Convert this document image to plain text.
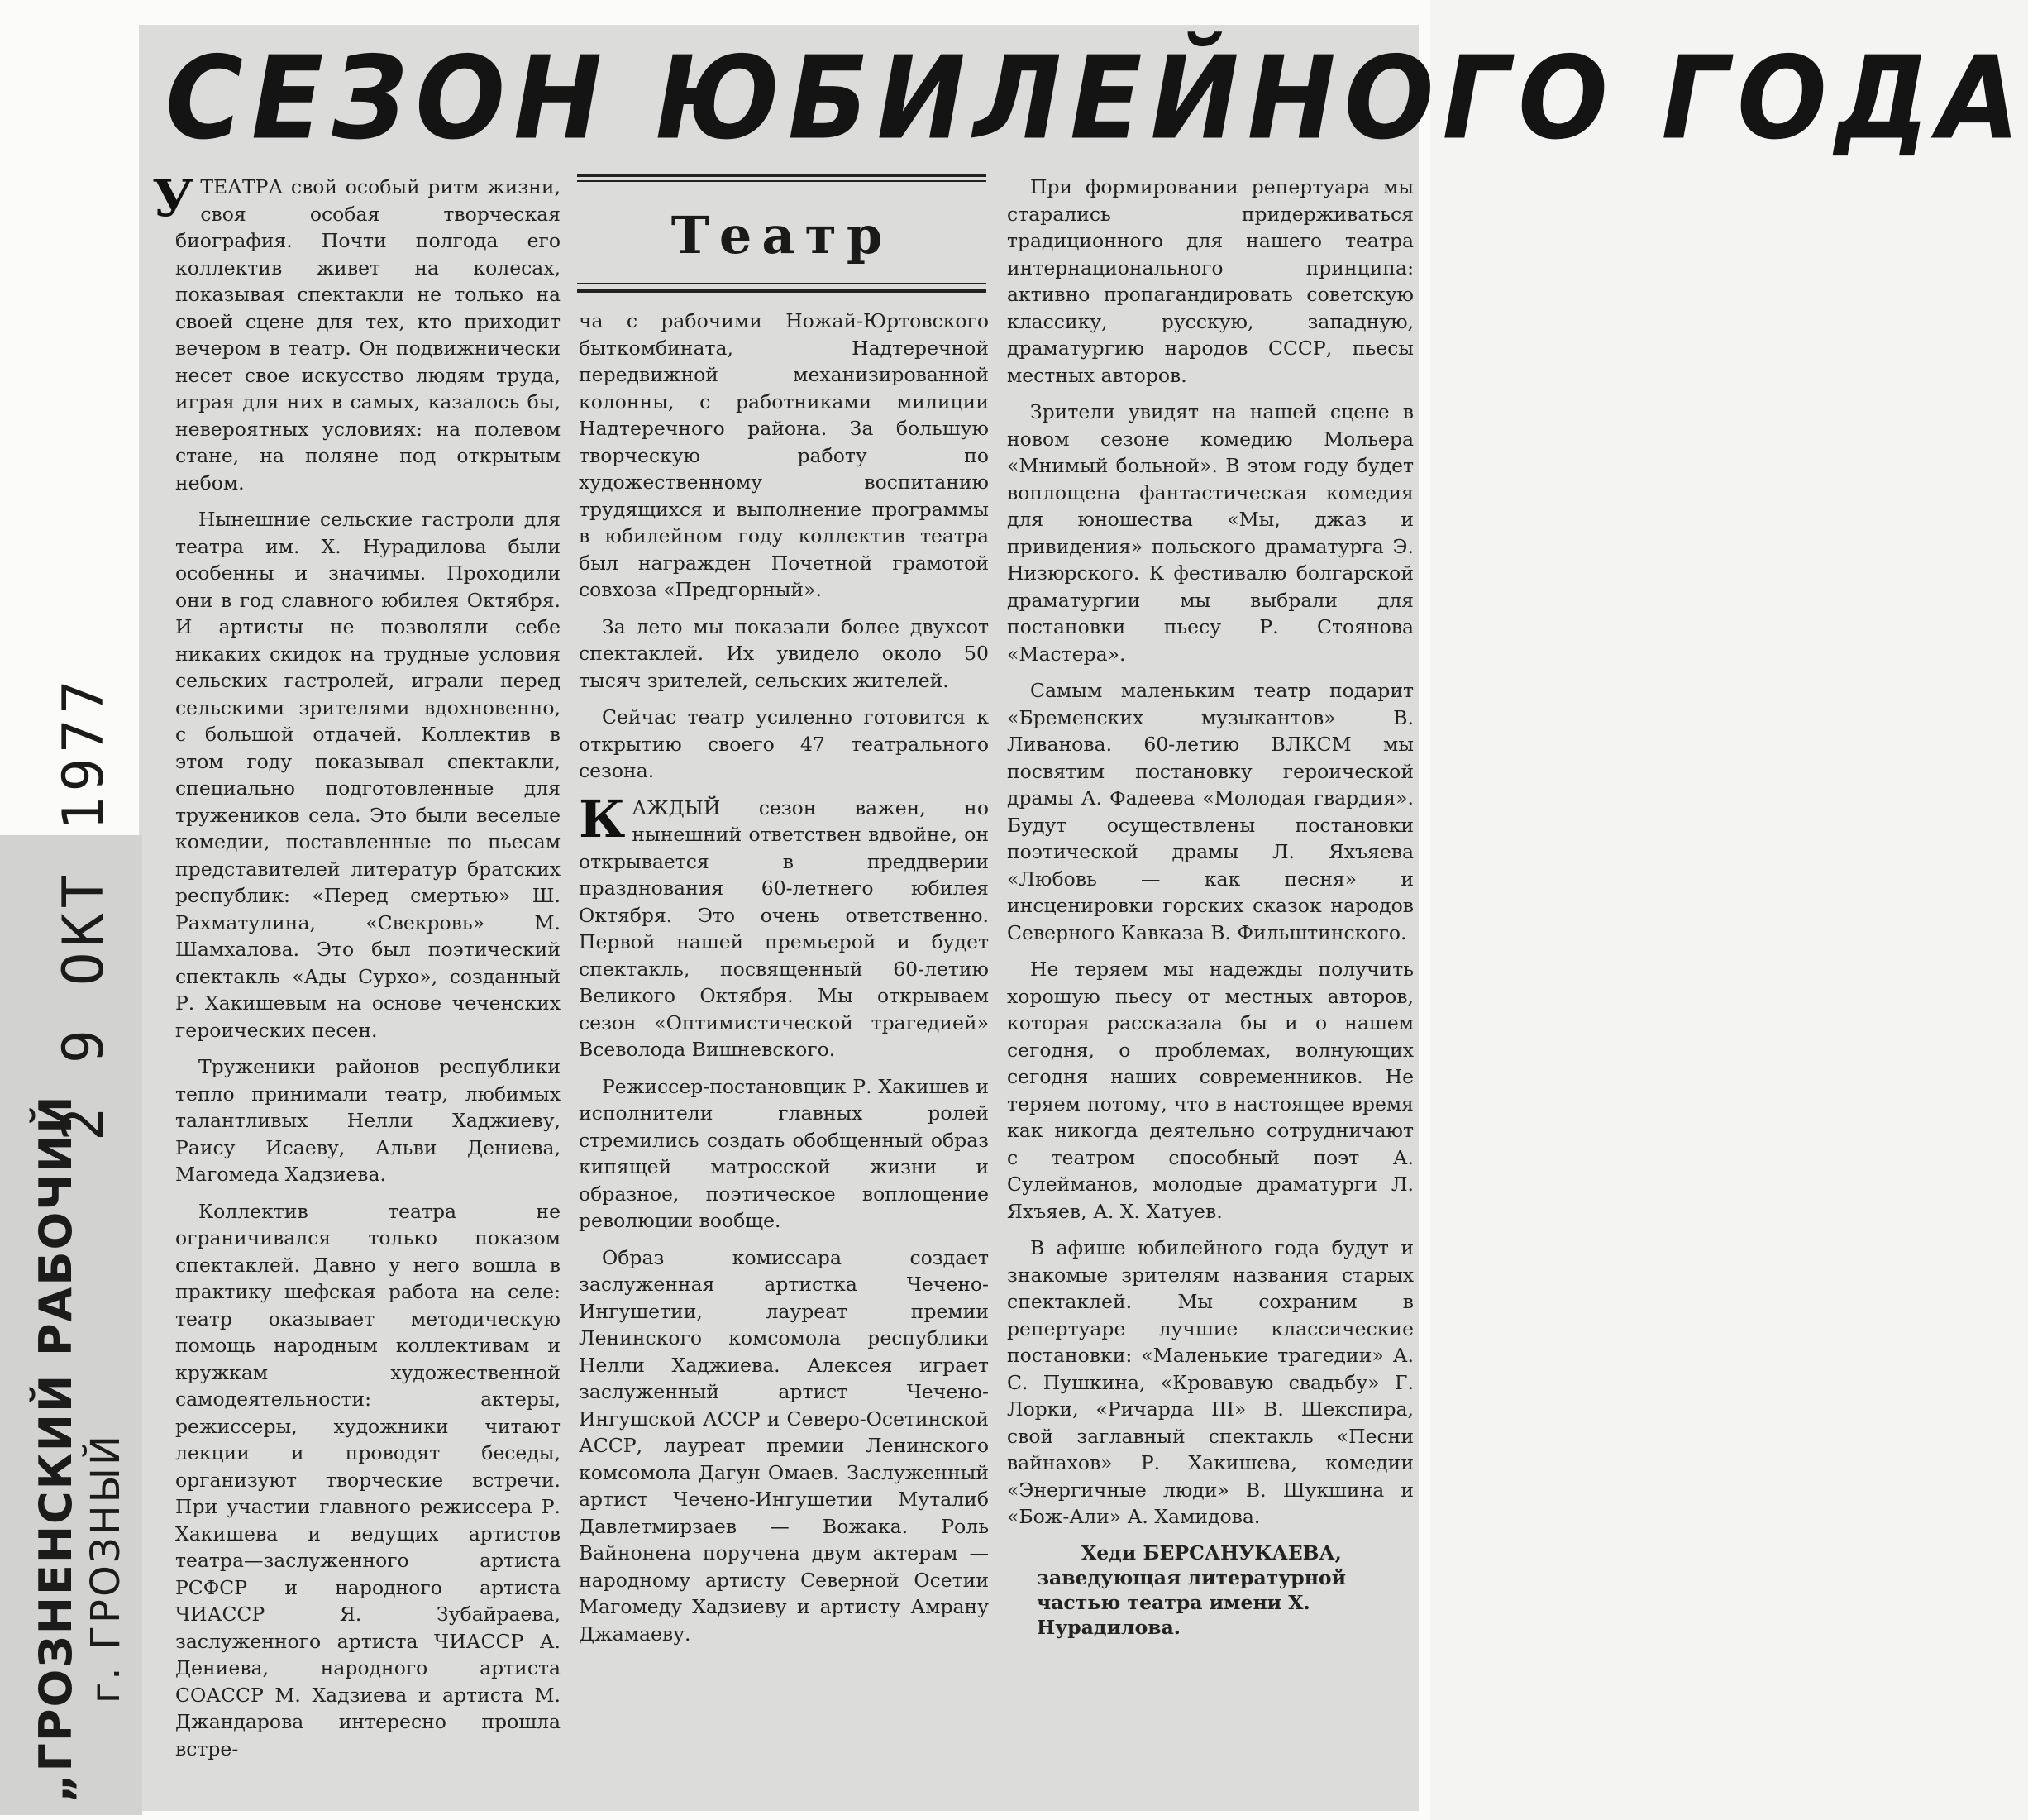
СЕЗОН ЮБИЛЕЙНОГО ГОДА

УТЕАТРА свой особый ритм жизни, своя особая творческая биография. Почти полгода его коллектив живет на колесах, показывая спектакли не только на своей сцене для тех, кто приходит вечером в театр. Он подвижнически несет свое искусство людям труда, играя для них в самых, казалось бы, невероятных условиях: на полевом стане, на поляне под открытым небом.

Нынешние сельские гастроли для театра им. Х. Нурадилова были особенны и значимы. Проходили они в год славного юбилея Октября. И артисты не позволяли себе никаких скидок на трудные условия сельских гастролей, играли перед сельскими зрителями вдохновенно, с большой отдачей. Коллектив в этом году показывал спектакли, специально подготовленные для тружеников села. Это были веселые комедии, поставленные по пьесам представителей литератур братских республик: «Перед смертью» Ш. Рахматулина, «Свекровь» М. Шамхалова. Это был поэтический спектакль «Ады Сурхо», созданный Р. Хакишевым на основе чеченских героических песен.

Труженики районов республики тепло принимали театр, любимых талантливых Нелли Хаджиеву, Раису Исаеву, Альви Дениева, Магомеда Хадзиева.

Коллектив театра не ограничивался только показом спектаклей. Давно у него вошла в практику шефская работа на селе: театр оказывает методическую помощь народным коллективам и кружкам художественной самодеятельности: актеры, режиссеры, художники читают лекции и проводят беседы, организуют творческие встречи. При участии главного режиссера Р. Хакишева и ведущих артистов театра—заслуженного артиста РСФСР и народного артиста ЧИАССР Я. Зубайраева, заслуженного артиста ЧИАССР А. Дениева, народного артиста СОАССР М. Хадзиева и артиста М. Джандарова интересно прошла встре-

Театр

ча с рабочими Ножай-Юртовского быткомбината, Надтеречной передвижной механизированной колонны, с работниками милиции Надтеречного района. За большую творческую работу по художественному воспитанию трудящихся и выполнение программы в юбилейном году коллектив театра был награжден Почетной грамотой совхоза «Предгорный».

За лето мы показали более двухсот спектаклей. Их увидело около 50 тысяч зрителей, сельских жителей.

Сейчас театр усиленно готовится к открытию своего 47 театрального сезона.

КАЖДЫЙ сезон важен, но нынешний ответствен вдвойне, он открывается в преддверии празднования 60-летнего юбилея Октября. Это очень ответственно. Первой нашей премьерой и будет спектакль, посвященный 60-летию Великого Октября. Мы открываем сезон «Оптимистической трагедией» Всеволода Вишневского.

Режиссер-постановщик Р. Хакишев и исполнители главных ролей стремились создать обобщенный образ кипящей матросской жизни и образное, поэтическое воплощение революции вообще.

Образ комиссара создает заслуженная артистка Чечено-Ингушетии, лауреат премии Ленинского комсомола республики Нелли Хаджиева. Алексея играет заслуженный артист Чечено-Ингушской АССР и Северо-Осетинской АССР, лауреат премии Ленинского комсомола Дагун Омаев. Заслуженный артист Чечено-Ингушетии Муталиб Давлетмирзаев — Вожака. Роль Вайнонена поручена двум актерам — народному артисту Северной Осетии Магомеду Хадзиеву и артисту Амрану Джамаеву.

При формировании репертуара мы старались придерживаться традиционного для нашего театра интернационального принципа: активно пропагандировать советскую классику, русскую, западную, драматургию народов СССР, пьесы местных авторов.

Зрители увидят на нашей сцене в новом сезоне комедию Мольера «Мнимый больной». В этом году будет воплощена фантастическая комедия для юношества «Мы, джаз и привидения» польского драматурга Э. Низюрского. К фестивалю болгарской драматургии мы выбрали для постановки пьесу Р. Стоянова «Мастера».

Самым маленьким театр подарит «Бременских музыкантов» В. Ливанова. 60-летию ВЛКСМ мы посвятим постановку героической драмы А. Фадеева «Молодая гвардия». Будут осуществлены постановки поэтической драмы Л. Яхъяева «Любовь — как песня» и инсценировки горских сказок народов Северного Кавказа В. Фильштинского.

Не теряем мы надежды получить хорошую пьесу от местных авторов, которая рассказала бы и о нашем сегодня, о проблемах, волнующих сегодня наших современников. Не теряем потому, что в настоящее время как никогда деятельно сотрудничают с театром способный поэт А. Сулейманов, молодые драматурги Л. Яхъяев, А. Х. Хатуев.

В афише юбилейного года будут и знакомые зрителям названия старых спектаклей. Мы сохраним в репертуаре лучшие классические постановки: «Маленькие трагедии» А. С. Пушкина, «Кровавую свадьбу» Г. Лорки, «Ричарда III» В. Шекспира, свой заглавный спектакль «Песни вайнахов» Р. Хакишева, комедии «Энергичные люди» В. Шукшина и «Бож-Али» А. Хамидова.

Хеди БЕРСАНУКАЕВА,
заведующая литературной частью театра имени Х. Нурадилова.
2 9 ОКТ 1977
„ГРОЗНЕНСКИЙ РАБОЧИЙ г. ГРОЗНЫЙ
